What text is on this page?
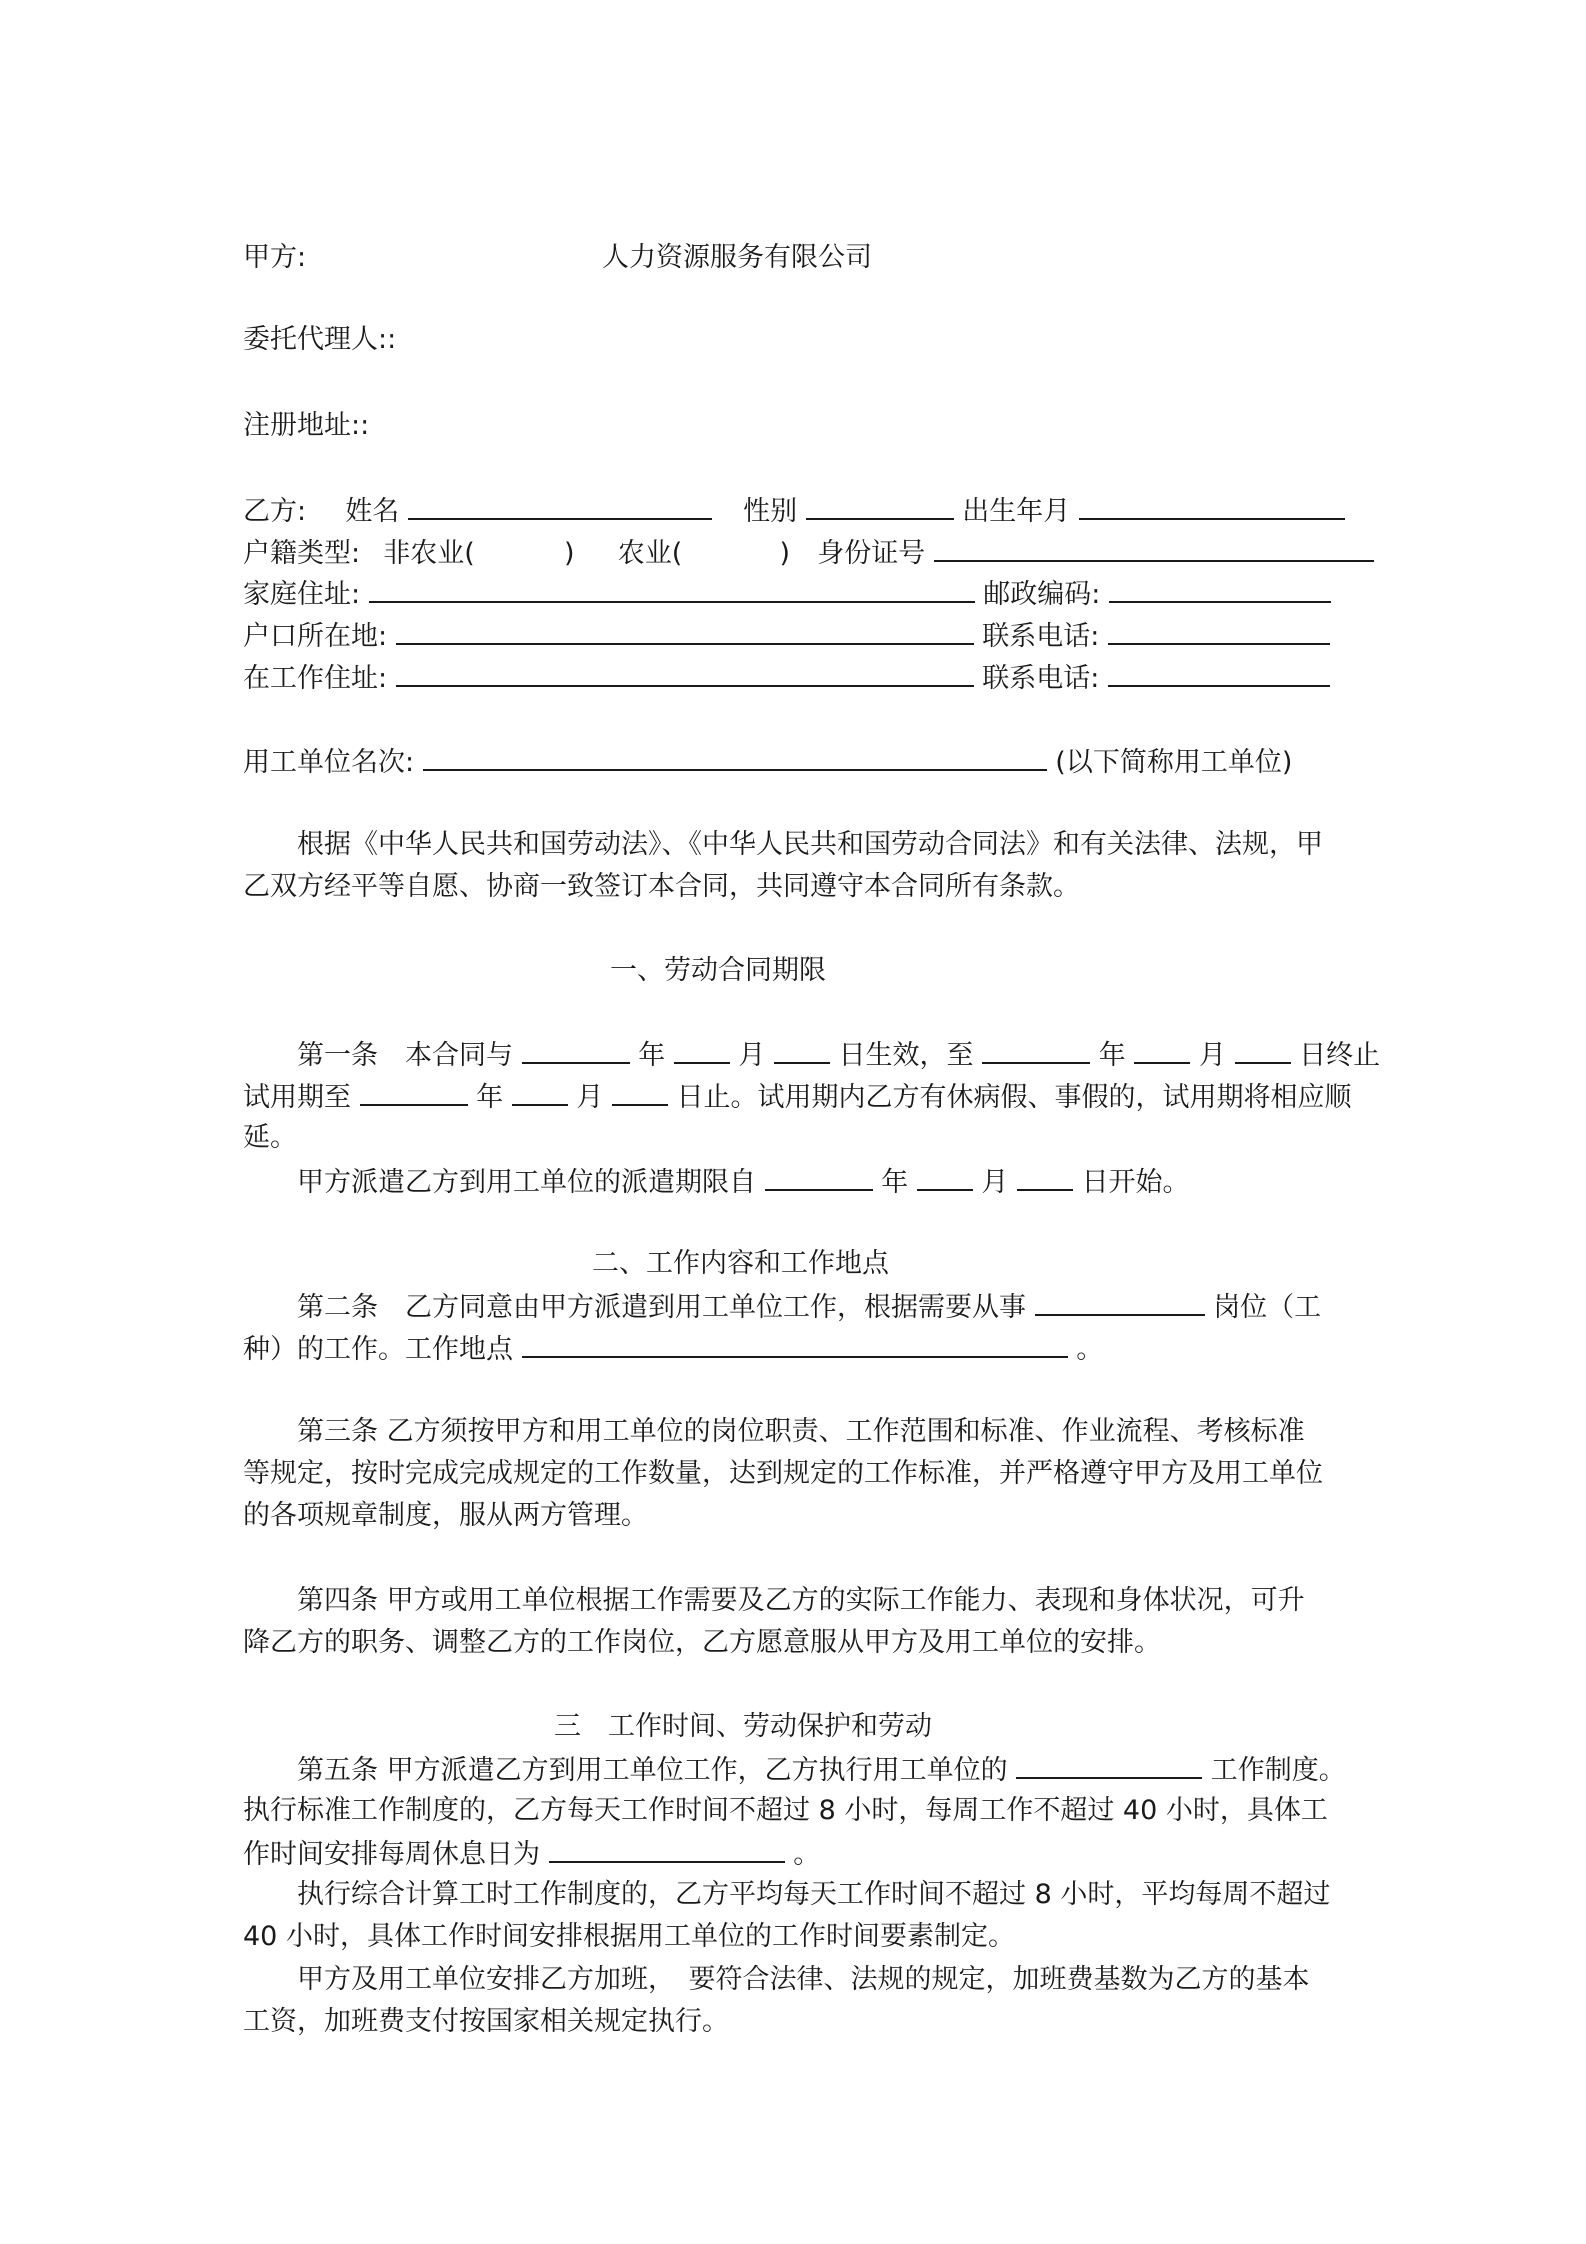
甲方:	人力资源服务有限公司
委托代理人::
注册地址::
乙方: 姓名	性别	出生年月
户籍类型: 非农业(	) 农业(	) 身份证号
家庭住址:	邮政编码:
户口所在地:	联系电话:
在工作住址:	联系电话:
用工单位名次:	(以下简称用工单位)
根据《中华人民共和国劳动法》、《中华人民共和国劳动合同法》和有关法律、法规，甲
乙双方经平等自愿、协商一致签订本合同，共同遵守本合同所有条款。
一、劳动合同期限
第一条　本合同与	年	月	日生效，至	年	月	日终止
试用期至	年	月	日止。试用期内乙方有休病假、事假的，试用期将相应顺
延。
甲方派遣乙方到用工单位的派遣期限自	年	月	日开始。
二、工作内容和工作地点
第二条　乙方同意由甲方派遣到用工单位工作，根据需要从事	岗位（工
种）的工作。工作地点	。
第三条 乙方须按甲方和用工单位的岗位职责、工作范围和标准、作业流程、考核标准
等规定，按时完成完成规定的工作数量，达到规定的工作标准，并严格遵守甲方及用工单位
的各项规章制度，服从两方管理。
第四条 甲方或用工单位根据工作需要及乙方的实际工作能力、表现和身体状况，可升
降乙方的职务、调整乙方的工作岗位，乙方愿意服从甲方及用工单位的安排。
三　工作时间、劳动保护和劳动
第五条 甲方派遣乙方到用工单位工作，乙方执行用工单位的	工作制度。
执行标准工作制度的，乙方每天工作时间不超过 8 小时，每周工作不超过 40 小时，具体工
作时间安排每周休息日为	。
执行综合计算工时工作制度的，乙方平均每天工作时间不超过 8 小时，平均每周不超过
40 小时，具体工作时间安排根据用工单位的工作时间要素制定。
甲方及用工单位安排乙方加班，　要符合法律、法规的规定，加班费基数为乙方的基本
工资，加班费支付按国家相关规定执行。
